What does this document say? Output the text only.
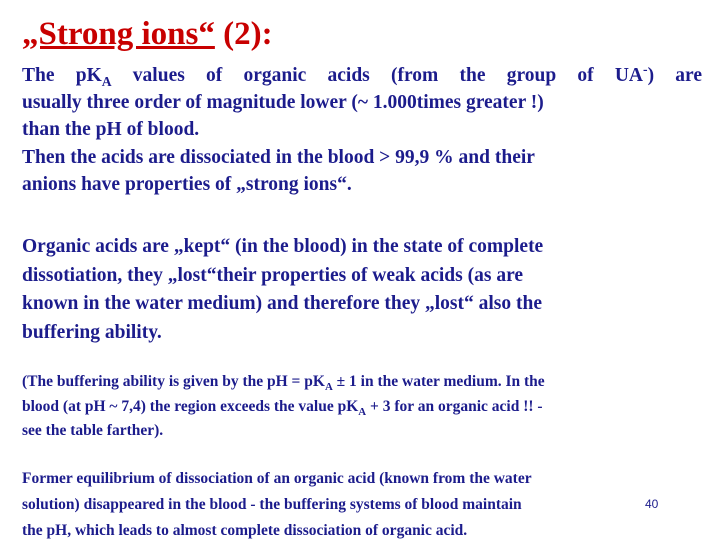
„Strong ions“ (2):
The $pK_A$ values of organic acids (from the group of UA-) are
usually three order of magnitude lower (~ 1.000times greater !)
than the pH of blood.
Then the acids are dissociated in the blood > 99,9 % and their
anions have properties of „strong ions“.
Organic acids are „kept“ (in the blood) in the state of complete
dissotiation, they „lost“their properties of weak acids (as are
known in the water medium) and therefore they „lost“ also the
buffering ability.
(The buffering ability is given by the pH = $pK_A \pm 1$ in the water medium. In the
blood (at pH ~ 7,4) the region exceeds the value $pK_A + 3$ for an organic acid !! -
see the table farther).
Former equilibrium of dissociation of an organic acid (known from the water
solution) disappeared in the blood - the buffering systems of blood maintain
the pH, which leads to almost complete dissociation of organic acid.
40
